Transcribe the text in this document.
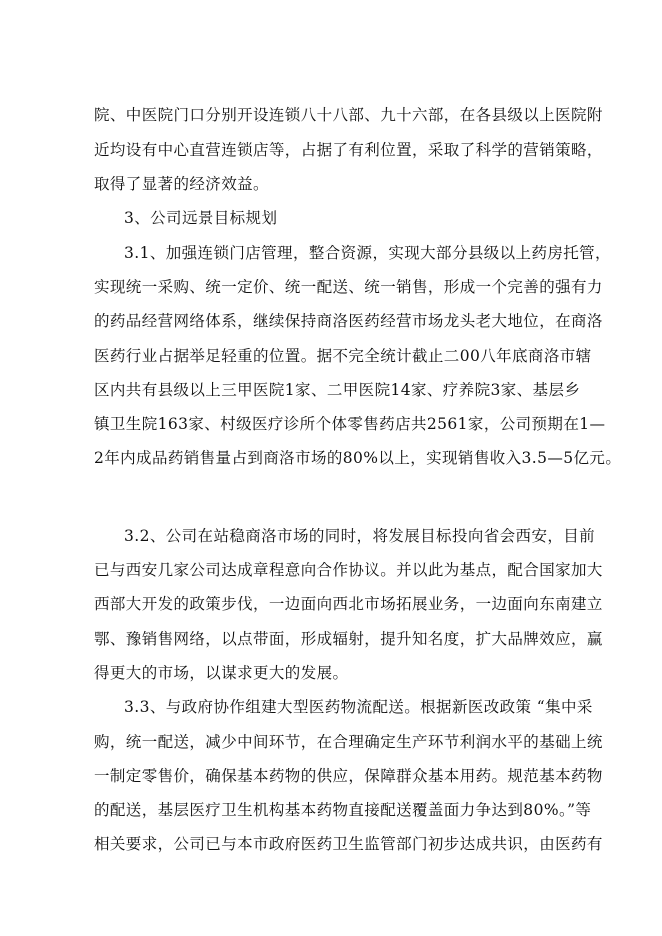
院、中医院门口分别开设连锁八十八部、九十六部，在各县级以上医院附
近均设有中心直营连锁店等，占据了有利位置，采取了科学的营销策略，
取得了显著的经济效益。
3、公司远景目标规划
3.1、加强连锁门店管理，整合资源，实现大部分县级以上药房托管，
实现统一采购、统一定价、统一配送、统一销售，形成一个完善的强有力
的药品经营网络体系，继续保持商洛医药经营市场龙头老大地位，在商洛
医药行业占据举足轻重的位置。据不完全统计截止二00八年底商洛市辖
区内共有县级以上三甲医院1家、二甲医院14家、疗养院3家、基层乡
镇卫生院163家、村级医疗诊所个体零售药店共2561家，公司预期在1—
2年内成品药销售量占到商洛市场的80%以上，实现销售收入3.5—5亿元。
3.2、公司在站稳商洛市场的同时，将发展目标投向省会西安，目前
已与西安几家公司达成章程意向合作协议。并以此为基点，配合国家加大
西部大开发的政策步伐，一边面向西北市场拓展业务，一边面向东南建立
鄂、豫销售网络，以点带面，形成辐射，提升知名度，扩大品牌效应，赢
得更大的市场，以谋求更大的发展。
3.3、与政府协作组建大型医药物流配送。根据新医改政策 “集中采
购，统一配送，减少中间环节，在合理确定生产环节利润水平的基础上统
一制定零售价，确保基本药物的供应，保障群众基本用药。规范基本药物
的配送，基层医疗卫生机构基本药物直接配送覆盖面力争达到80%。”等
相关要求，公司已与本市政府医药卫生监管部门初步达成共识，由医药有
